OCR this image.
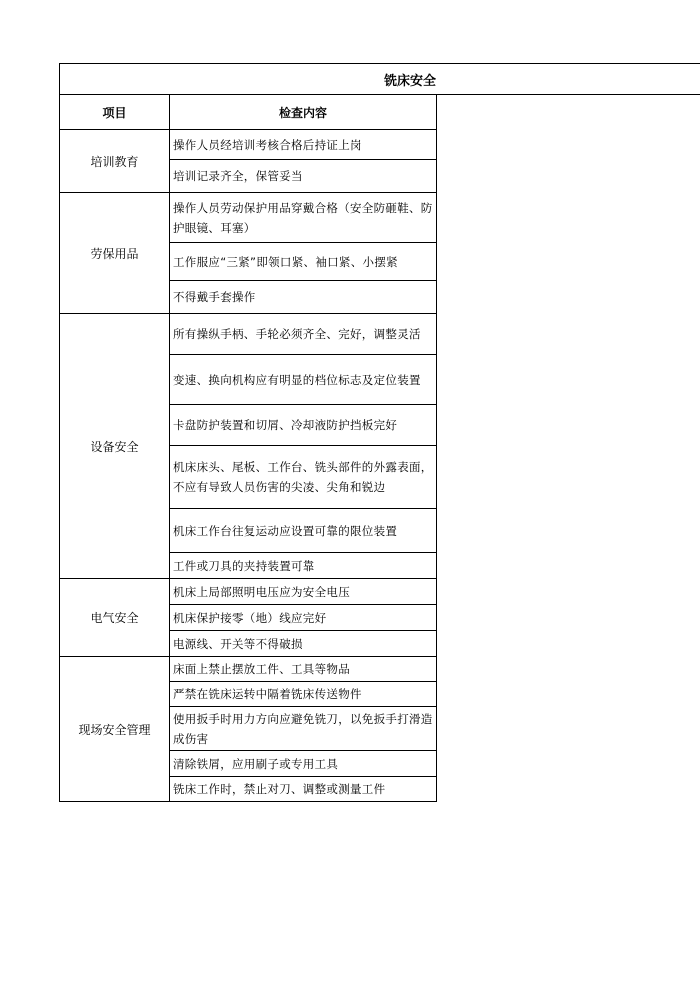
铣床安全
项目	检查内容
培训教育
操作人员经培训考核合格后持证上岗
培训记录齐全，保管妥当
劳保用品
操作人员劳动保护用品穿戴合格（安全防砸鞋、防护眼镜、耳塞）
工作服应“三紧”即领口紧、袖口紧、小摆紧
不得戴手套操作
设备安全
所有操纵手柄、手轮必须齐全、完好，调整灵活
变速、换向机构应有明显的档位标志及定位装置
卡盘防护装置和切屑、冷却液防护挡板完好
机床床头、尾板、工作台、铣头部件的外露表面，不应有导致人员伤害的尖凌、尖角和锐边
机床工作台往复运动应设置可靠的限位装置
工件或刀具的夹持装置可靠
电气安全
机床上局部照明电压应为安全电压
机床保护接零（地）线应完好
电源线、开关等不得破损
现场安全管理
床面上禁止摆放工件、工具等物品
严禁在铣床运转中隔着铣床传送物件
使用扳手时用力方向应避免铣刀，以免扳手打滑造成伤害
清除铁屑，应用刷子或专用工具
铣床工作时，禁止对刀、调整或测量工件
